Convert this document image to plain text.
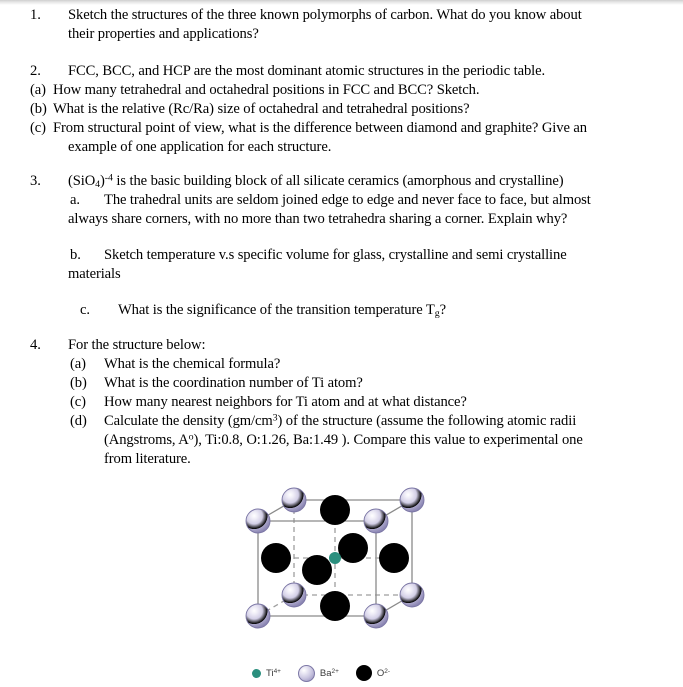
1. Sketch the structures of the three known polymorphs of carbon. What do you know about
their properties and applications?
2. FCC, BCC, and HCP are the most dominant atomic structures in the periodic table.
(a) How many tetrahedral and octahedral positions in FCC and BCC? Sketch.
(b) What is the relative (Rc/Ra) size of octahedral and tetrahedral positions?
(c) From structural point of view, what is the difference between diamond and graphite? Give an
example of one application for each structure.
3. $(SiO_4)^{-4}$ is the basic building block of all silicate ceramics (amorphous and crystalline)
a. The trahedral units are seldom joined edge to edge and never face to face, but almost
always share corners, with no more than two tetrahedra sharing a corner. Explain why?
b. Sketch temperature v.s specific volume for glass, crystalline and semi crystalline
materials
c. What is the significance of the transition temperature $T_g$?
4. For the structure below:
(a) What is the chemical formula?
(b) What is the coordination number of Ti atom?
(c) How many nearest neighbors for Ti atom and at what distance?
(d) Calculate the density $(gm/cm^3)$ of the structure (assume the following atomic radii
(Angstroms, $A^o$), Ti:0.8, O:1.26, Ba:1.49 ). Compare this value to experimental one
from literature.
$Ti^{4+}$	$Ba^{2+}$	$O^{2-}$
